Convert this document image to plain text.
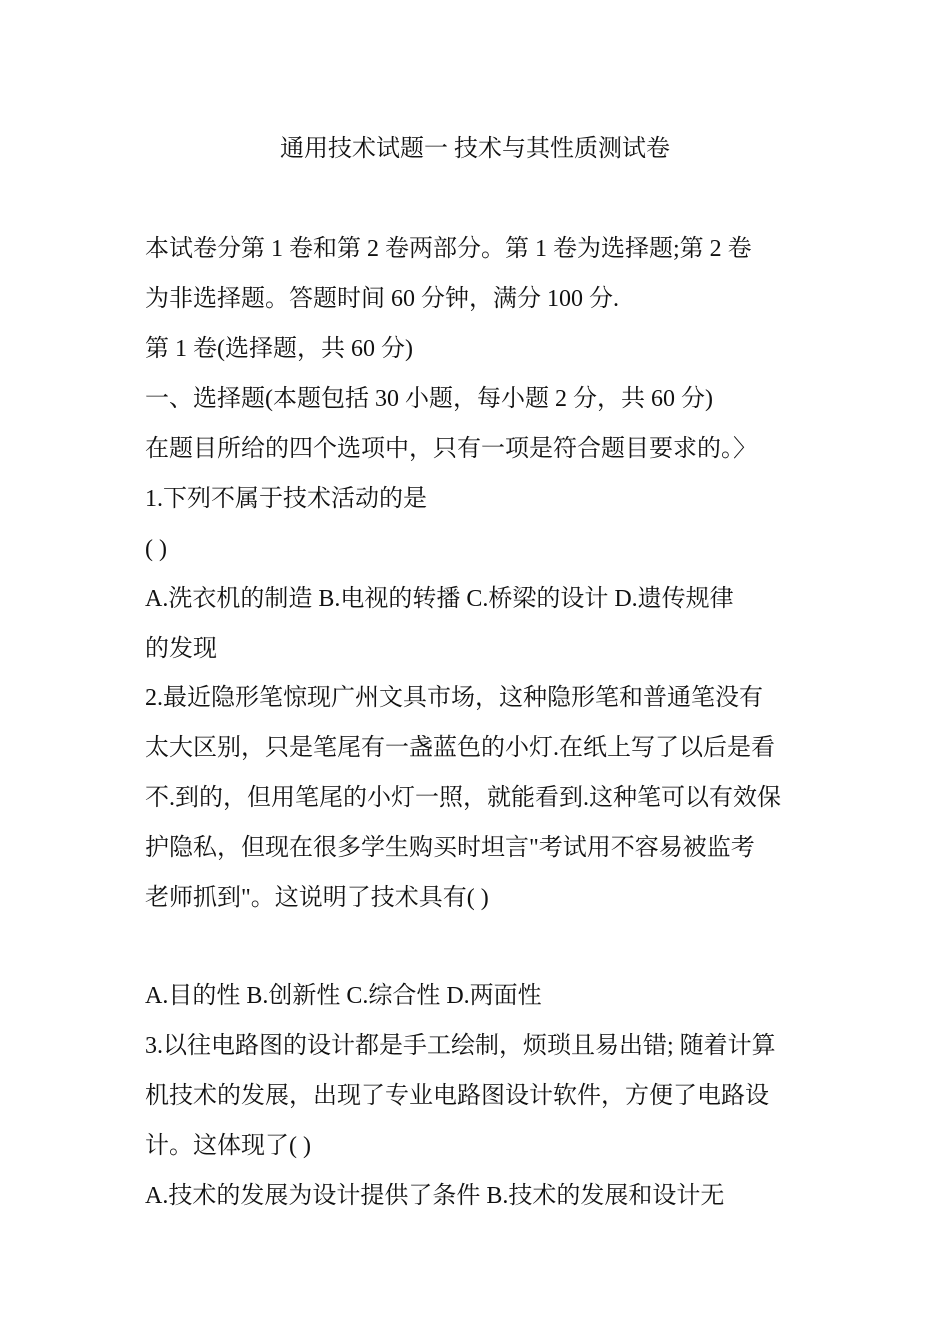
通用技术试题一 技术与其性质测试卷
本试卷分第 1 卷和第 2 卷两部分。第 1 卷为选择题;第 2 卷
为非选择题。答题时间 60 分钟，满分 100 分.
第 1 卷(选择题，共 60 分)
一、选择题(本题包括 30 小题，每小题 2 分，共 60 分)
在题目所给的四个选项中，只有一项是符合题目要求的。〉
1.下列不属于技术活动的是
( )
A.洗衣机的制造 B.电视的转播 C.桥梁的设计 D.遗传规律
的发现
2.最近隐形笔惊现广州文具市场，这种隐形笔和普通笔没有
太大区别，只是笔尾有一盏蓝色的小灯.在纸上写了以后是看
不.到的，但用笔尾的小灯一照，就能看到.这种笔可以有效保
护隐私，但现在很多学生购买时坦言"考试用不容易被监考
老师抓到"。这说明了技术具有( )
A.目的性 B.创新性 C.综合性 D.两面性
3.以往电路图的设计都是手工绘制，烦琐且易出错; 随着计算
机技术的发展，出现了专业电路图设计软件，方便了电路设
计。这体现了( )
A.技术的发展为设计提供了条件 B.技术的发展和设计无
